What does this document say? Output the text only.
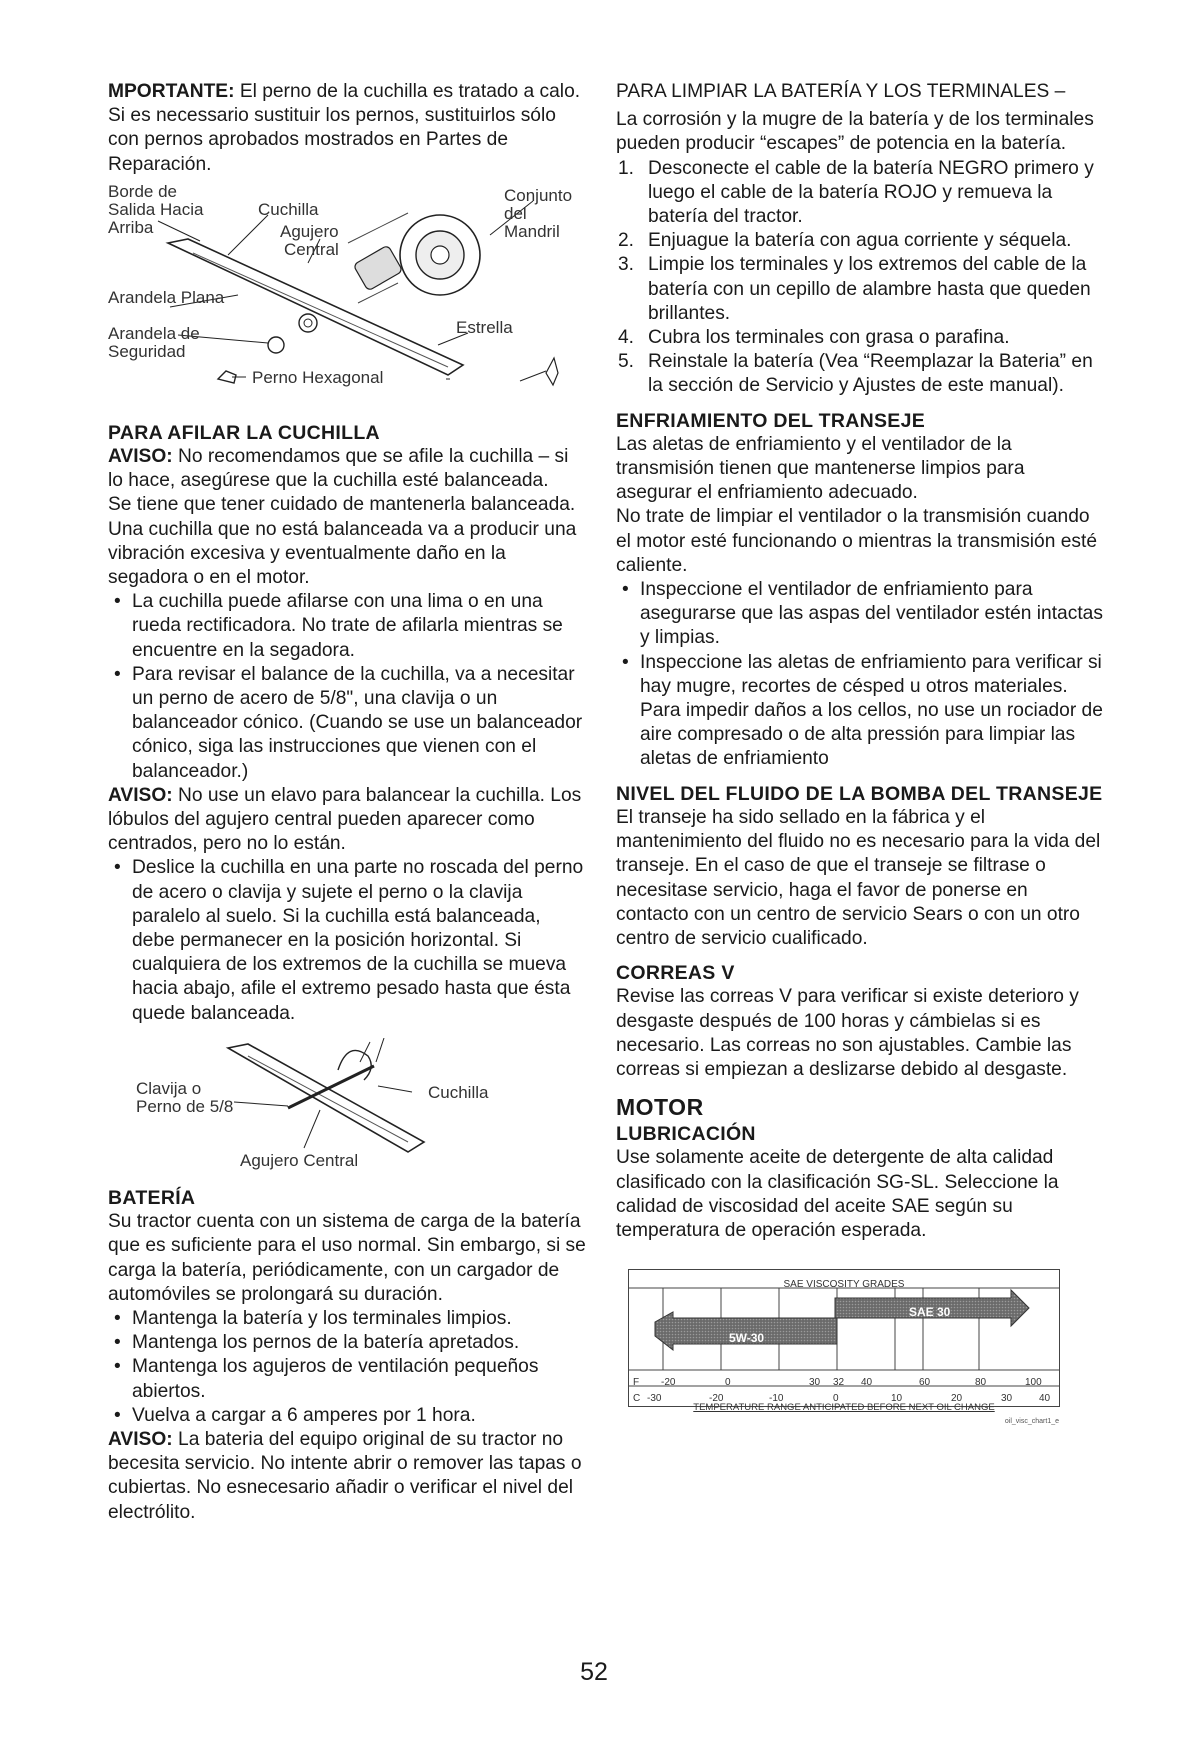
MPORTANTE: El perno de la cuchilla es tratado a calo. Si es necessario sustituir los pernos, sustituirlos sólo con pernos aprobados mostrados en Partes de Reparación.

Borde de
Salida Hacia
Arriba
Cuchilla
Agujero
Central
Conjunto
del
Mandril
Arandela Plana
Arandela de
Seguridad
Estrella
Perno Hexagonal

PARA AFILAR LA CUCHILLA

AVISO: No recomendamos que se afile la cuchilla – si lo hace, asegúrese que la cuchilla esté balanceada.

Se tiene que tener cuidado de mantenerla balanceada. Una cuchilla que no está balanceada va a producir una vibración excesiva y eventualmente daño en la segadora o en el motor.

• La cuchilla puede afilarse con una lima o en una rueda rectificadora. No trate de afilarla mientras se encuentre en la segadora.
• Para revisar el balance de la cuchilla, va a necesitar un perno de acero de 5/8", una clavija o un balanceador cónico. (Cuando se use un balanceador cónico, siga las instrucciones que vienen con el balanceador.)

AVISO: No use un elavo para balancear la cuchilla. Los lóbulos del agujero central pueden aparecer como centrados, pero no lo están.

• Deslice la cuchilla en una parte no roscada del perno de acero o clavija y sujete el perno o la clavija paralelo al suelo. Si la cuchilla está balanceada, debe permanecer en la posición horizontal. Si cualquiera de los extremos de la cuchilla se mueva hacia abajo, afile el extremo pesado hasta que ésta quede balanceada.
Clavija o
Perno de 5/8
Cuchilla
Agujero Central

BATERÍA

Su tractor cuenta con un sistema de carga de la batería que es suficiente para el uso normal. Sin embargo, si se carga la batería, periódicamente, con un cargador de automóviles se prolongará su duración.

• Mantenga la batería y los terminales limpios.
• Mantenga los pernos de la batería apretados.
• Mantenga los agujeros de ventilación pequeños abiertos.
• Vuelva a cargar a 6 amperes por 1 hora.

AVISO: La bateria del equipo original de su tractor no becesita servicio. No intente abrir o remover las tapas o cubiertas. No esnecesario añadir o verificar el nivel del electrólito.

PARA LIMPIAR LA BATERÍA Y LOS TERMINALES –

La corrosión y la mugre de la batería y de los terminales pueden producir “escapes” de potencia en la batería.

1. Desconecte el cable de la batería NEGRO primero y luego el cable de la batería ROJO y remueva la batería del tractor.
2. Enjuague la batería con agua corriente y séquela.
3. Limpie los terminales y los extremos del cable de la batería con un cepillo de alambre hasta que queden brillantes.
4. Cubra los terminales con grasa o parafina.
5. Reinstale la batería (Vea “Reemplazar la Bateria” en la sección de Servicio y Ajustes de este manual).

ENFRIAMIENTO DEL TRANSEJE

Las aletas de enfriamiento y el ventilador de la transmisión tienen que mantenerse limpios para asegurar el enfriamiento adecuado.

No trate de limpiar el ventilador o la transmisión cuando el motor esté funcionando o mientras la transmisión esté caliente.

• Inspeccione el ventilador de enfriamiento para asegurarse que las aspas del ventilador estén intactas y limpias.
• Inspeccione las aletas de enfriamiento para verificar si hay mugre, recortes de césped u otros materiales. Para impedir daños a los cellos, no use un rociador de aire compresado o de alta pressión para limpiar las aletas de enfriamiento

NIVEL DEL FLUIDO DE LA BOMBA DEL TRANSEJE

El transeje ha sido sellado en la fábrica y el mantenimiento del fluido no es necesario para la vida del transeje. En el caso de que el transeje se filtrase o necesitase servicio, haga el favor de ponerse en contacto con un centro de servicio Sears o con un otro centro de servicio cualificado.

CORREAS V

Revise las correas V para verificar si existe deterioro y desgaste después de 100 horas y cámbielas si es necesario. Las correas no son ajustables. Cambie las correas si empiezan a deslizarse debido al desgaste.

MOTOR

LUBRICACIÓN

Use solamente aceite de detergente de alta calidad clasificado con la clasificación SG-SL. Seleccione la calidad de viscosidad del aceite SAE según su temperatura de operación esperada.

SAE VISCOSITY GRADES
SAE 30
5W-30
F -20	0	30 32 40	60	80	100
C -30	-20	-10	0	10	20	30	40
TEMPERATURE RANGE ANTICIPATED BEFORE NEXT OIL CHANGE
oil_visc_chart1_e
52
